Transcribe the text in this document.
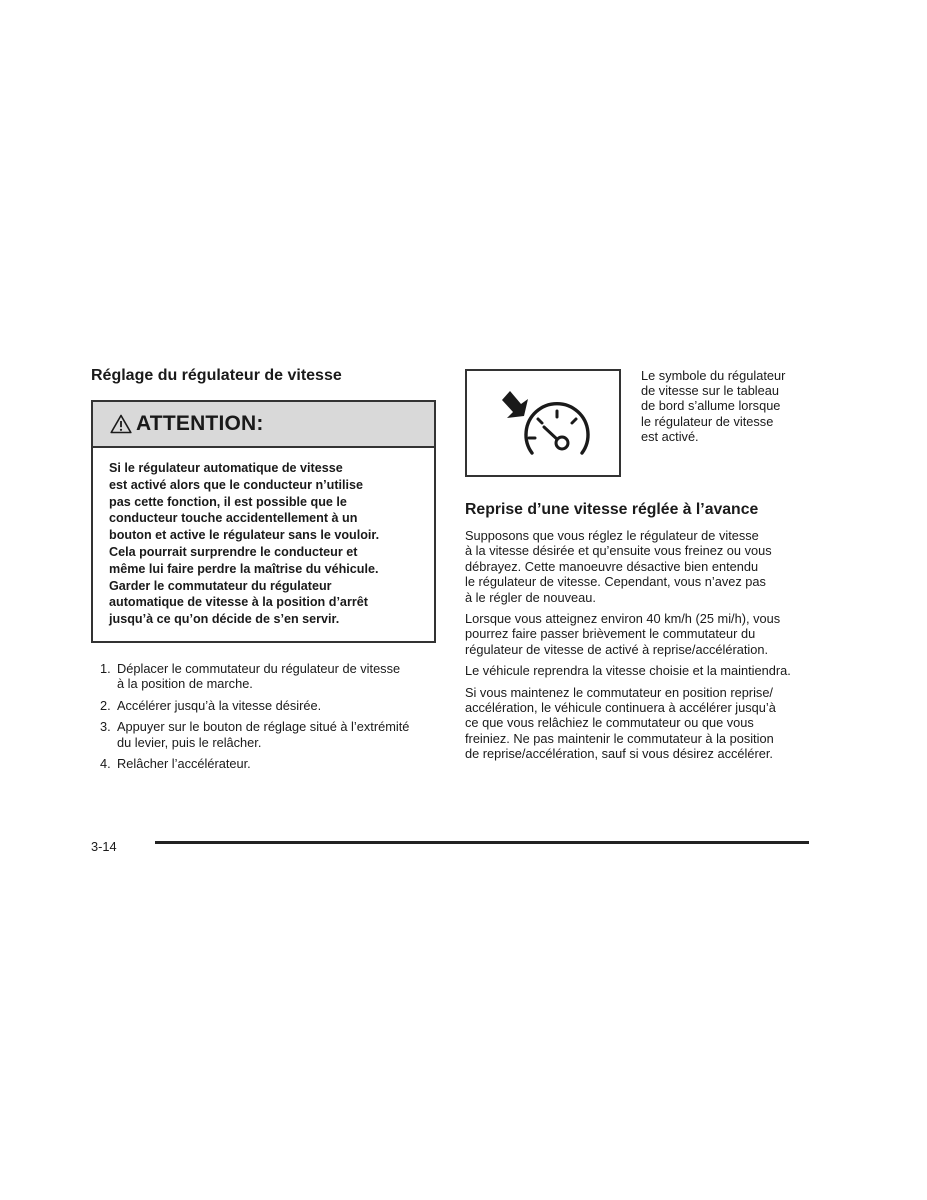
Réglage du régulateur de vitesse
ATTENTION:
Si le régulateur automatique de vitesse
est activé alors que le conducteur n’utilise
pas cette fonction, il est possible que le
conducteur touche accidentellement à un
bouton et active le régulateur sans le vouloir.
Cela pourrait surprendre le conducteur et
même lui faire perdre la maîtrise du véhicule.
Garder le commutateur du régulateur
automatique de vitesse à la position d’arrêt
jusqu’à ce qu’on décide de s’en servir.
1. Déplacer le commutateur du régulateur de vitesse
à la position de marche.
2. Accélérer jusqu’à la vitesse désirée.
3. Appuyer sur le bouton de réglage situé à l’extrémité
du levier, puis le relâcher.
4. Relâcher l’accélérateur.
Le symbole du régulateur
de vitesse sur le tableau
de bord s’allume lorsque
le régulateur de vitesse
est activé.
Reprise d’une vitesse réglée à l’avance
Supposons que vous réglez le régulateur de vitesse
à la vitesse désirée et qu’ensuite vous freinez ou vous
débrayez. Cette manoeuvre désactive bien entendu
le régulateur de vitesse. Cependant, vous n’avez pas
à le régler de nouveau.
Lorsque vous atteignez environ 40 km/h (25 mi/h), vous
pourrez faire passer brièvement le commutateur du
régulateur de vitesse de activé à reprise/accélération.
Le véhicule reprendra la vitesse choisie et la maintiendra.
Si vous maintenez le commutateur en position reprise/
accélération, le véhicule continuera à accélérer jusqu’à
ce que vous relâchiez le commutateur ou que vous
freiniez. Ne pas maintenir le commutateur à la position
de reprise/accélération, sauf si vous désirez accélérer.
3-14
